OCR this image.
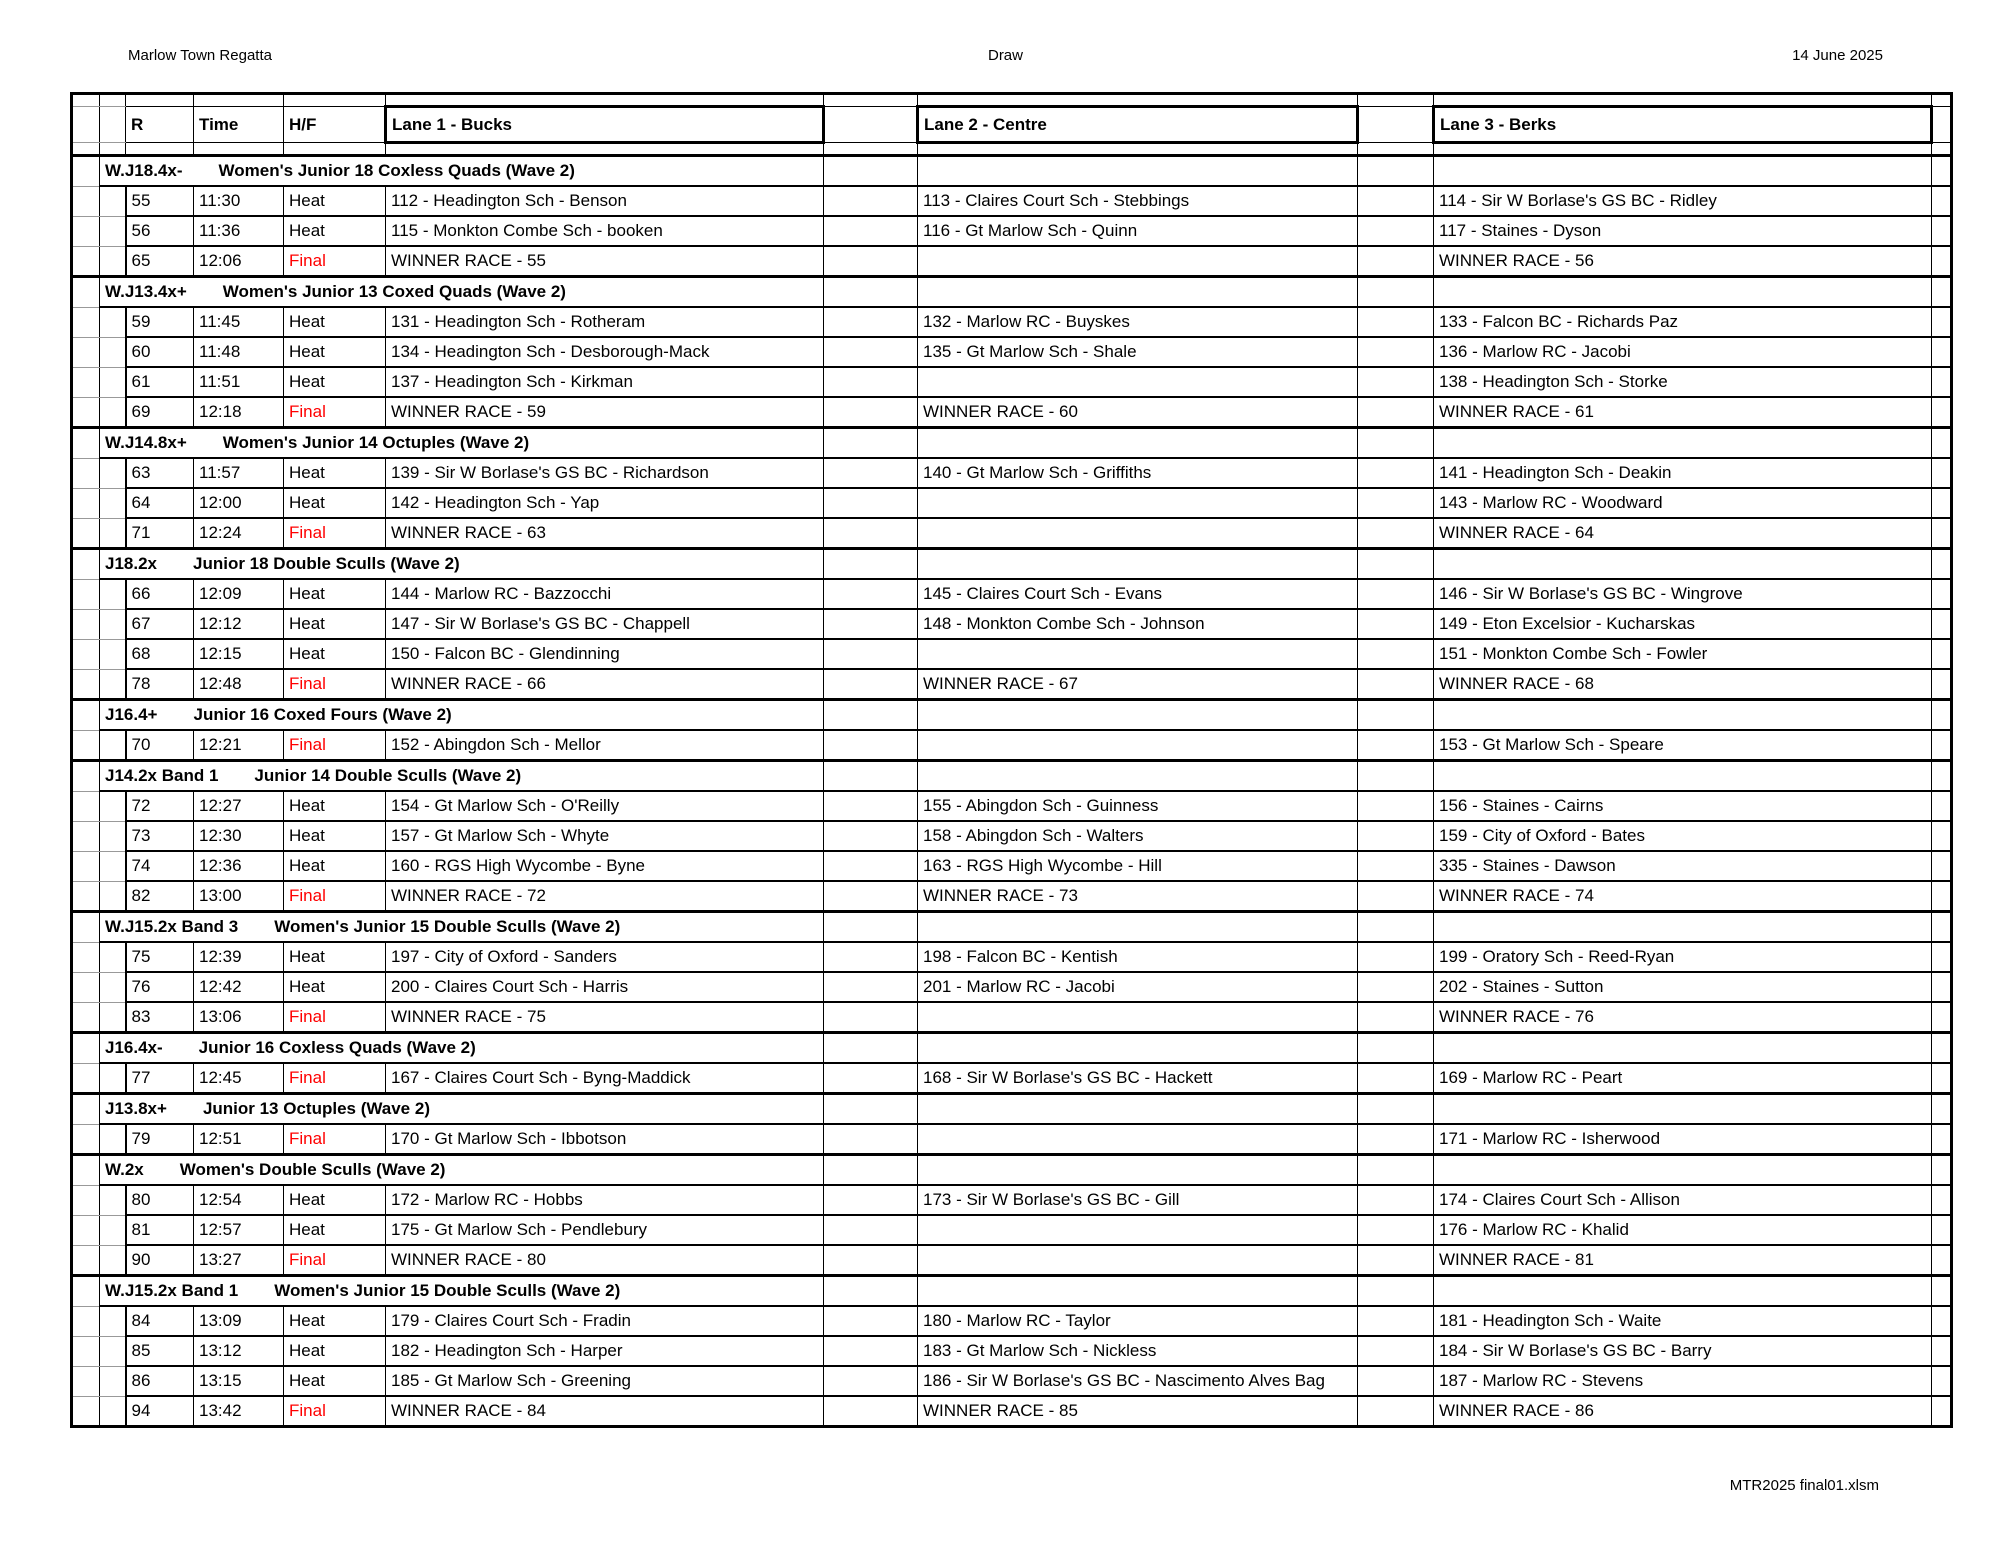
Marlow Town Regatta	Draw	14 June 2025

		R	Time	H/F	Lane 1 - Bucks		Lane 2 - Centre		Lane 3 - Berks	

	W.J18.4x- Women's Junior 18 Coxless Quads (Wave 2)									
		55	11:30	Heat	112 - Headington Sch - Benson		113 - Claires Court Sch - Stebbings		114 - Sir W Borlase's GS BC - Ridley	
		56	11:36	Heat	115 - Monkton Combe Sch - booken		116 - Gt Marlow Sch - Quinn		117 - Staines - Dyson	
		65	12:06	Final	WINNER RACE - 55				WINNER RACE - 56	
	W.J13.4x+ Women's Junior 13 Coxed Quads (Wave 2)									
		59	11:45	Heat	131 - Headington Sch - Rotheram		132 - Marlow RC - Buyskes		133 - Falcon BC - Richards Paz	
		60	11:48	Heat	134 - Headington Sch - Desborough-Mack		135 - Gt Marlow Sch - Shale		136 - Marlow RC - Jacobi	
		61	11:51	Heat	137 - Headington Sch - Kirkman				138 - Headington Sch - Storke	
		69	12:18	Final	WINNER RACE - 59		WINNER RACE - 60		WINNER RACE - 61	
	W.J14.8x+ Women's Junior 14 Octuples (Wave 2)									
		63	11:57	Heat	139 - Sir W Borlase's GS BC - Richardson		140 - Gt Marlow Sch - Griffiths		141 - Headington Sch - Deakin	
		64	12:00	Heat	142 - Headington Sch - Yap				143 - Marlow RC - Woodward	
		71	12:24	Final	WINNER RACE - 63				WINNER RACE - 64	
	J18.2x Junior 18 Double Sculls (Wave 2)									
		66	12:09	Heat	144 - Marlow RC - Bazzocchi		145 - Claires Court Sch - Evans		146 - Sir W Borlase's GS BC - Wingrove	
		67	12:12	Heat	147 - Sir W Borlase's GS BC - Chappell		148 - Monkton Combe Sch - Johnson		149 - Eton Excelsior - Kucharskas	
		68	12:15	Heat	150 - Falcon BC - Glendinning				151 - Monkton Combe Sch - Fowler	
		78	12:48	Final	WINNER RACE - 66		WINNER RACE - 67		WINNER RACE - 68	
	J16.4+ Junior 16 Coxed Fours (Wave 2)									
		70	12:21	Final	152 - Abingdon Sch - Mellor				153 - Gt Marlow Sch - Speare	
	J14.2x Band 1 Junior 14 Double Sculls (Wave 2)									
		72	12:27	Heat	154 - Gt Marlow Sch - O'Reilly		155 - Abingdon Sch - Guinness		156 - Staines - Cairns	
		73	12:30	Heat	157 - Gt Marlow Sch - Whyte		158 - Abingdon Sch - Walters		159 - City of Oxford - Bates	
		74	12:36	Heat	160 - RGS High Wycombe - Byne		163 - RGS High Wycombe - Hill		335 - Staines - Dawson	
		82	13:00	Final	WINNER RACE - 72		WINNER RACE - 73		WINNER RACE - 74	
	W.J15.2x Band 3 Women's Junior 15 Double Sculls (Wave 2)									
		75	12:39	Heat	197 - City of Oxford - Sanders		198 - Falcon BC - Kentish		199 - Oratory Sch - Reed-Ryan	
		76	12:42	Heat	200 - Claires Court Sch - Harris		201 - Marlow RC - Jacobi		202 - Staines - Sutton	
		83	13:06	Final	WINNER RACE - 75				WINNER RACE - 76	
	J16.4x- Junior 16 Coxless Quads (Wave 2)									
		77	12:45	Final	167 - Claires Court Sch - Byng-Maddick		168 - Sir W Borlase's GS BC - Hackett		169 - Marlow RC - Peart	
	J13.8x+ Junior 13 Octuples (Wave 2)									
		79	12:51	Final	170 - Gt Marlow Sch - Ibbotson				171 - Marlow RC - Isherwood	
	W.2x Women's Double Sculls (Wave 2)									
		80	12:54	Heat	172 - Marlow RC - Hobbs		173 - Sir W Borlase's GS BC - Gill		174 - Claires Court Sch - Allison	
		81	12:57	Heat	175 - Gt Marlow Sch - Pendlebury				176 - Marlow RC - Khalid	
		90	13:27	Final	WINNER RACE - 80				WINNER RACE - 81	
	W.J15.2x Band 1 Women's Junior 15 Double Sculls (Wave 2)									
		84	13:09	Heat	179 - Claires Court Sch - Fradin		180 - Marlow RC - Taylor		181 - Headington Sch - Waite	
		85	13:12	Heat	182 - Headington Sch - Harper		183 - Gt Marlow Sch - Nickless		184 - Sir W Borlase's GS BC - Barry	
		86	13:15	Heat	185 - Gt Marlow Sch - Greening		186 - Sir W Borlase's GS BC - Nascimento Alves Bag		187 - Marlow RC - Stevens	
		94	13:42	Final	WINNER RACE - 84		WINNER RACE - 85		WINNER RACE - 86	
MTR2025 final01.xlsm
